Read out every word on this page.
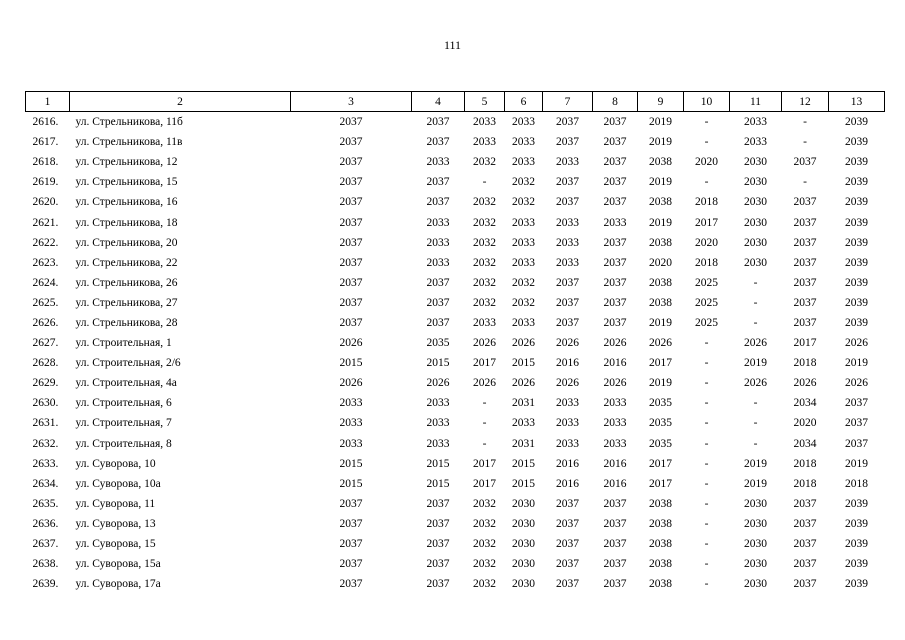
111
1	2	3	4	5	6	7	8	9	10	11	12	13
2616.	ул. Стрельникова, 11б	2037	2037	2033	2033	2037	2037	2019	-	2033	-	2039
2617.	ул. Стрельникова, 11в	2037	2037	2033	2033	2037	2037	2019	-	2033	-	2039
2618.	ул. Стрельникова, 12	2037	2033	2032	2033	2033	2037	2038	2020	2030	2037	2039
2619.	ул. Стрельникова, 15	2037	2037	-	2032	2037	2037	2019	-	2030	-	2039
2620.	ул. Стрельникова, 16	2037	2037	2032	2032	2037	2037	2038	2018	2030	2037	2039
2621.	ул. Стрельникова, 18	2037	2033	2032	2033	2033	2033	2019	2017	2030	2037	2039
2622.	ул. Стрельникова, 20	2037	2033	2032	2033	2033	2037	2038	2020	2030	2037	2039
2623.	ул. Стрельникова, 22	2037	2033	2032	2033	2033	2037	2020	2018	2030	2037	2039
2624.	ул. Стрельникова, 26	2037	2037	2032	2032	2037	2037	2038	2025	-	2037	2039
2625.	ул. Стрельникова, 27	2037	2037	2032	2032	2037	2037	2038	2025	-	2037	2039
2626.	ул. Стрельникова, 28	2037	2037	2033	2033	2037	2037	2019	2025	-	2037	2039
2627.	ул. Строительная, 1	2026	2035	2026	2026	2026	2026	2026	-	2026	2017	2026
2628.	ул. Строительная, 2/6	2015	2015	2017	2015	2016	2016	2017	-	2019	2018	2019
2629.	ул. Строительная, 4а	2026	2026	2026	2026	2026	2026	2019	-	2026	2026	2026
2630.	ул. Строительная, 6	2033	2033	-	2031	2033	2033	2035	-	-	2034	2037
2631.	ул. Строительная, 7	2033	2033	-	2033	2033	2033	2035	-	-	2020	2037
2632.	ул. Строительная, 8	2033	2033	-	2031	2033	2033	2035	-	-	2034	2037
2633.	ул. Суворова, 10	2015	2015	2017	2015	2016	2016	2017	-	2019	2018	2019
2634.	ул. Суворова, 10а	2015	2015	2017	2015	2016	2016	2017	-	2019	2018	2018
2635.	ул. Суворова, 11	2037	2037	2032	2030	2037	2037	2038	-	2030	2037	2039
2636.	ул. Суворова, 13	2037	2037	2032	2030	2037	2037	2038	-	2030	2037	2039
2637.	ул. Суворова, 15	2037	2037	2032	2030	2037	2037	2038	-	2030	2037	2039
2638.	ул. Суворова, 15а	2037	2037	2032	2030	2037	2037	2038	-	2030	2037	2039
2639.	ул. Суворова, 17а	2037	2037	2032	2030	2037	2037	2038	-	2030	2037	2039
